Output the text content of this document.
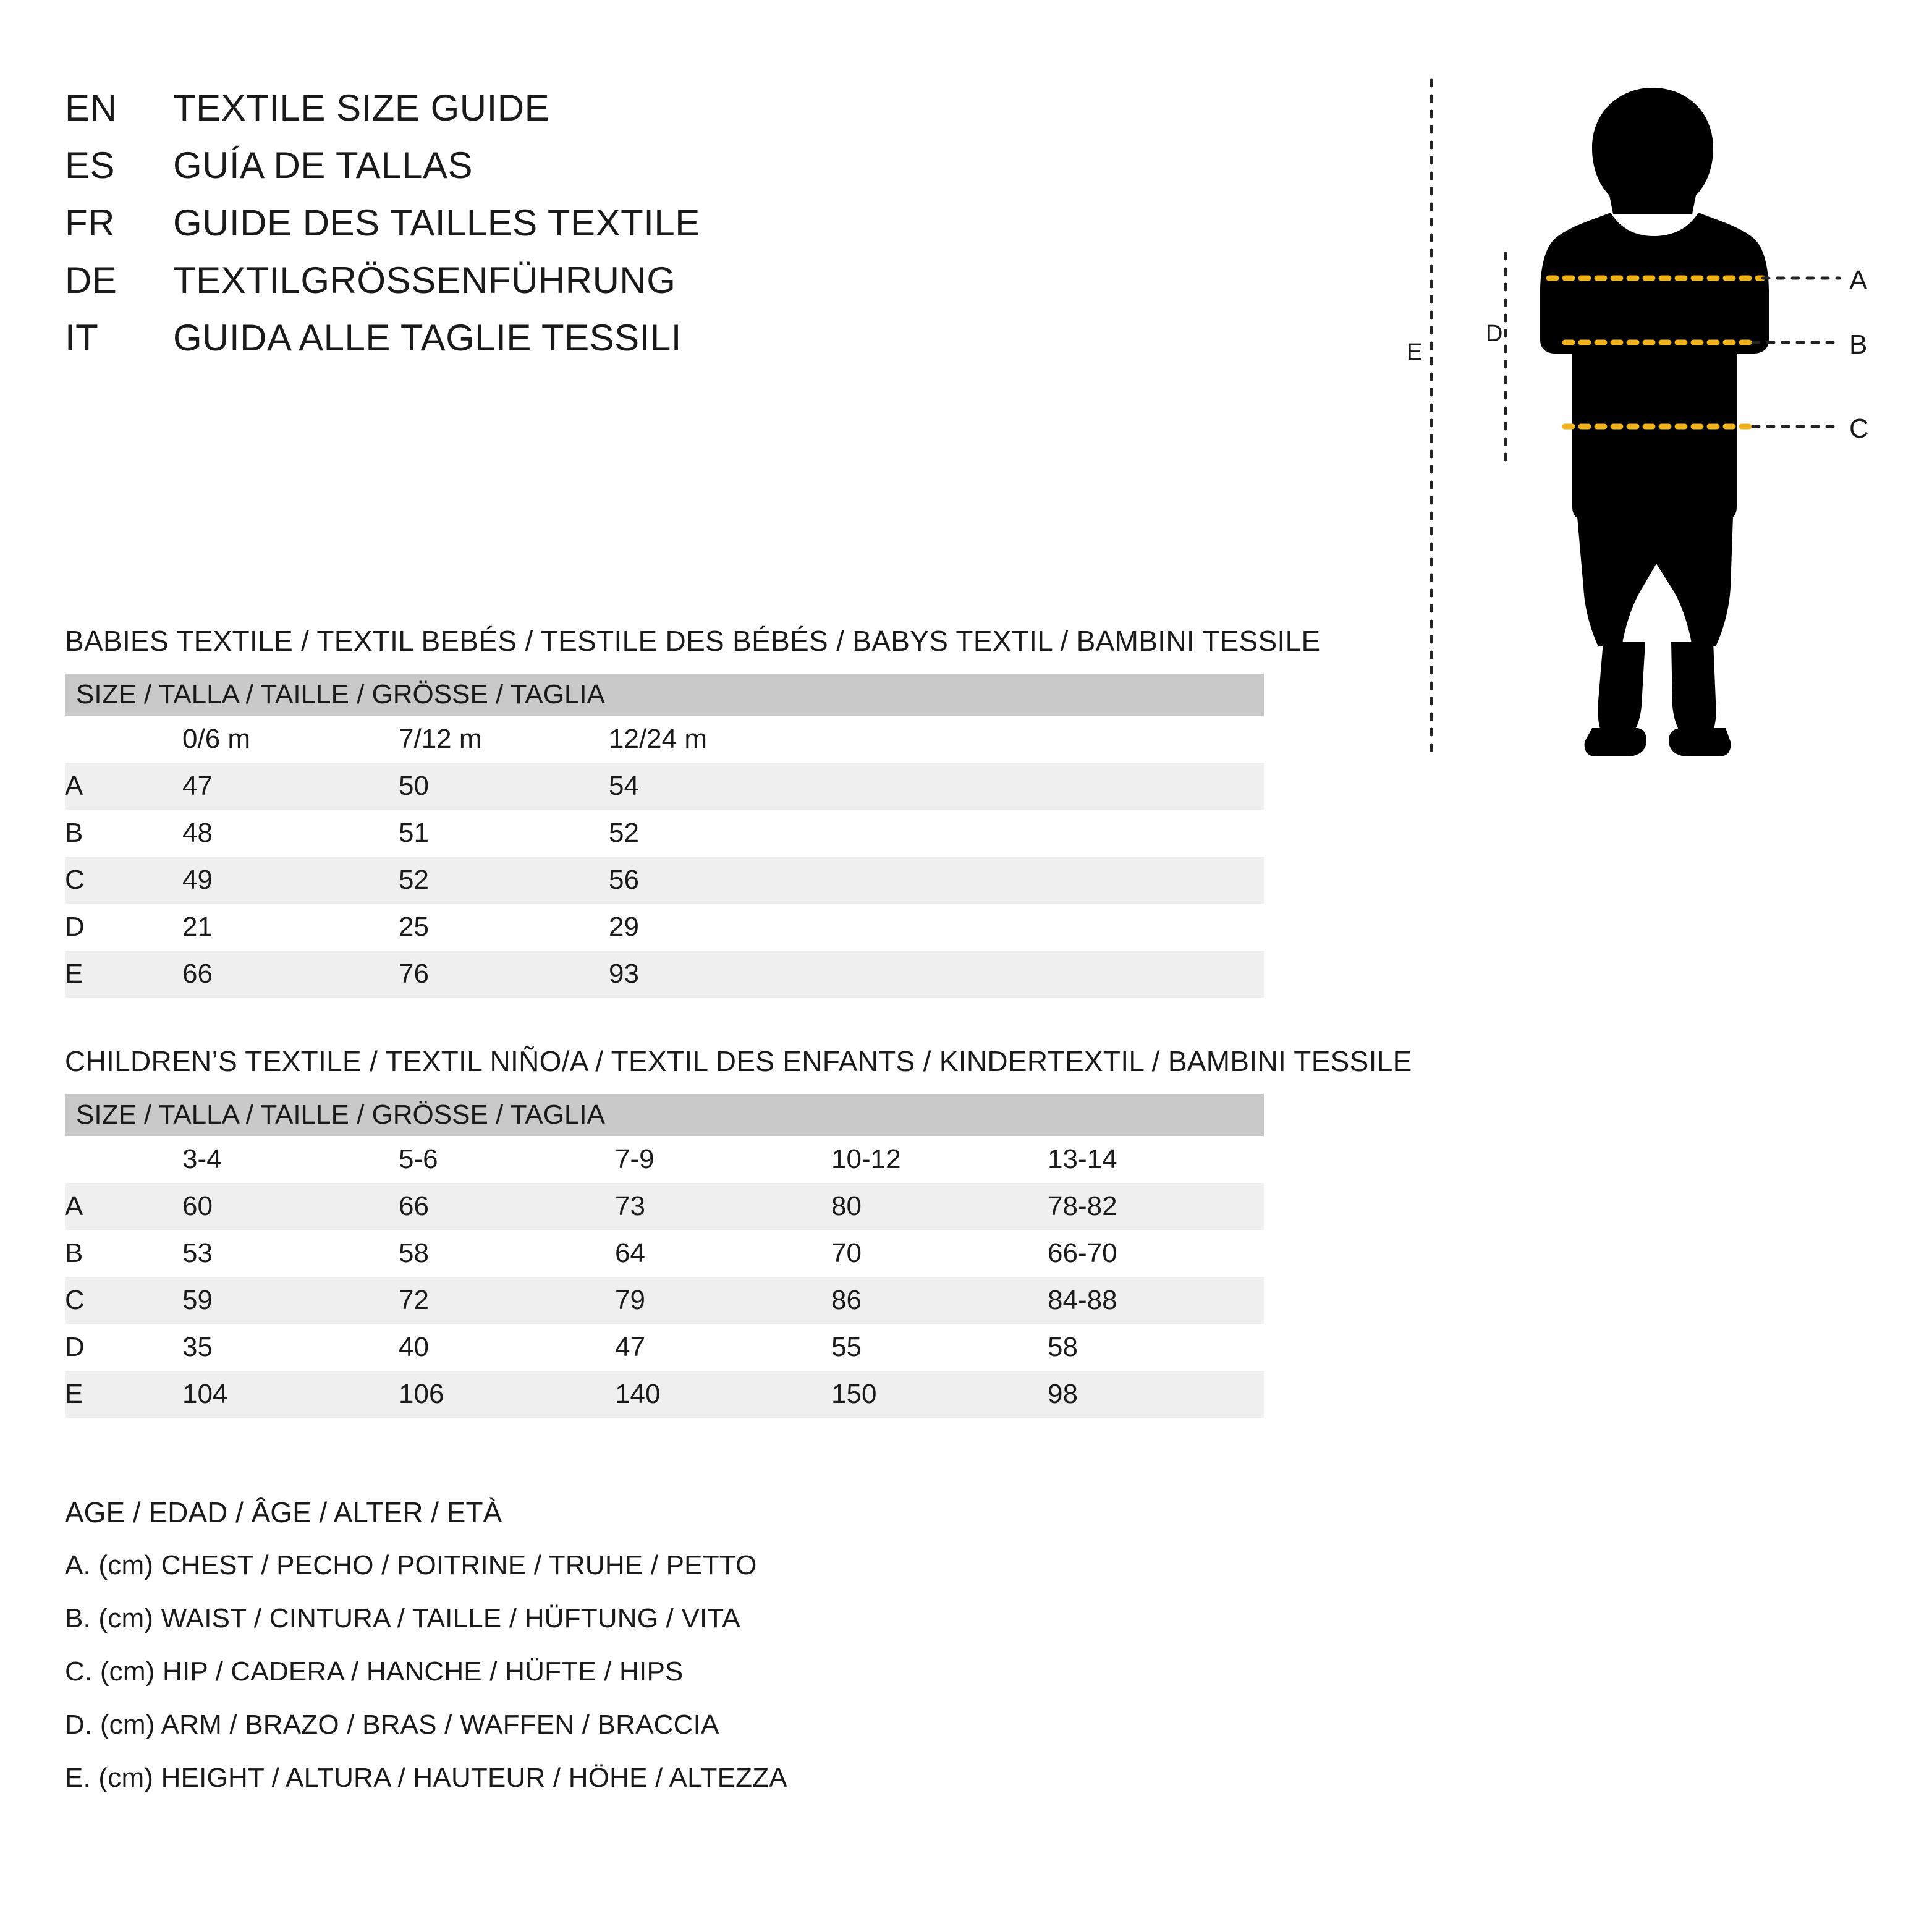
EN	TEXTILE SIZE GUIDE
ES	GUÍA DE TALLAS
FR	GUIDE DES TAILLES TEXTILE
DE	TEXTILGRÖSSENFÜHRUNG
IT	GUIDA ALLE TAGLIE TESSILI
A
B
C
D
E
BABIES TEXTILE / TEXTIL BEBÉS / TESTILE DES BÉBÉS / BABYS TEXTIL / BAMBINI TESSILE
SIZE / TALLA / TAILLE / GRÖSSE / TAGLIA			
	0/6 m	7/12 m	12/24 m
A	47	50	54
B	48	51	52
C	49	52	56
D	21	25	29
E	66	76	93
CHILDREN’S TEXTILE / TEXTIL NIÑO/A / TEXTIL DES ENFANTS / KINDERTEXTIL / BAMBINI TESSILE
SIZE / TALLA / TAILLE / GRÖSSE / TAGLIA					
	3-4	5-6	7-9	10-12	13-14
A	60	66	73	80	78-82
B	53	58	64	70	66-70
C	59	72	79	86	84-88
D	35	40	47	55	58
E	104	106	140	150	98
AGE / EDAD / ÂGE / ALTER / ETÀ
A. (cm) CHEST / PECHO / POITRINE / TRUHE / PETTO
B. (cm) WAIST / CINTURA / TAILLE / HÜFTUNG / VITA
C. (cm) HIP / CADERA / HANCHE / HÜFTE / HIPS
D. (cm) ARM / BRAZO / BRAS / WAFFEN / BRACCIA
E. (cm) HEIGHT / ALTURA / HAUTEUR / HÖHE / ALTEZZA
